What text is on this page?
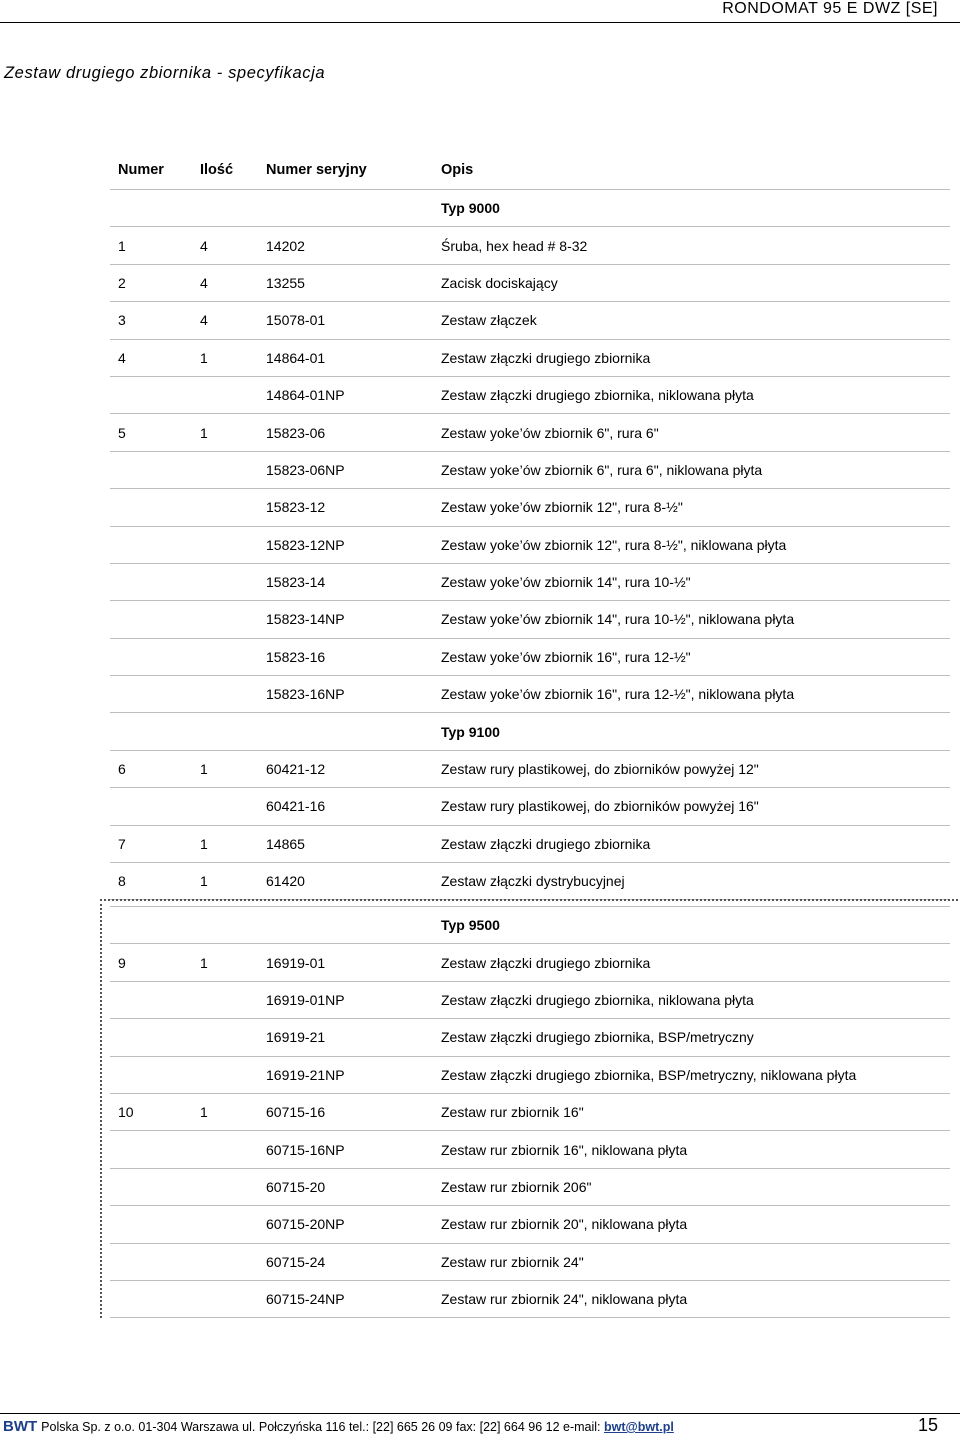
RONDOMAT 95 E DWZ [SE]
Zestaw drugiego zbiornika - specyfikacja
Numer	Ilość	Numer seryjny	Opis
			Typ 9000
1	4	14202	Śruba, hex head # 8-32
2	4	13255	Zacisk dociskający
3	4	15078-01	Zestaw złączek
4	1	14864-01	Zestaw złączki drugiego zbiornika
		14864-01NP	Zestaw złączki drugiego zbiornika, niklowana płyta
5	1	15823-06	Zestaw yoke’ów zbiornik 6", rura 6"
		15823-06NP	Zestaw yoke’ów zbiornik 6", rura 6", niklowana płyta
		15823-12	Zestaw yoke’ów zbiornik 12", rura 8-½"
		15823-12NP	Zestaw yoke’ów zbiornik 12", rura 8-½", niklowana płyta
		15823-14	Zestaw yoke’ów zbiornik 14", rura 10-½"
		15823-14NP	Zestaw yoke’ów zbiornik 14", rura 10-½", niklowana płyta
		15823-16	Zestaw yoke’ów zbiornik 16", rura 12-½"
		15823-16NP	Zestaw yoke’ów zbiornik 16", rura 12-½", niklowana płyta
			Typ 9100
6	1	60421-12	Zestaw rury plastikowej, do zbiorników powyżej 12"
		60421-16	Zestaw rury plastikowej, do zbiorników powyżej 16"
7	1	14865	Zestaw złączki drugiego zbiornika
8	1	61420	Zestaw złączki dystrybucyjnej
			Typ 9500
9	1	16919-01	Zestaw złączki drugiego zbiornika
		16919-01NP	Zestaw złączki drugiego zbiornika, niklowana płyta
		16919-21	Zestaw złączki drugiego zbiornika, BSP/metryczny
		16919-21NP	Zestaw złączki drugiego zbiornika, BSP/metryczny, niklowana płyta
10	1	60715-16	Zestaw rur zbiornik 16"
		60715-16NP	Zestaw rur zbiornik 16", niklowana płyta
		60715-20	Zestaw rur zbiornik 206"
		60715-20NP	Zestaw rur zbiornik 20", niklowana płyta
		60715-24	Zestaw rur zbiornik 24"
		60715-24NP	Zestaw rur zbiornik 24", niklowana płyta
BWT Polska Sp. z o.o. 01-304 Warszawa ul. Połczyńska 116 tel.: [22] 665 26 09 fax: [22] 664 96 12 e-mail: bwt@bwt.pl	15
